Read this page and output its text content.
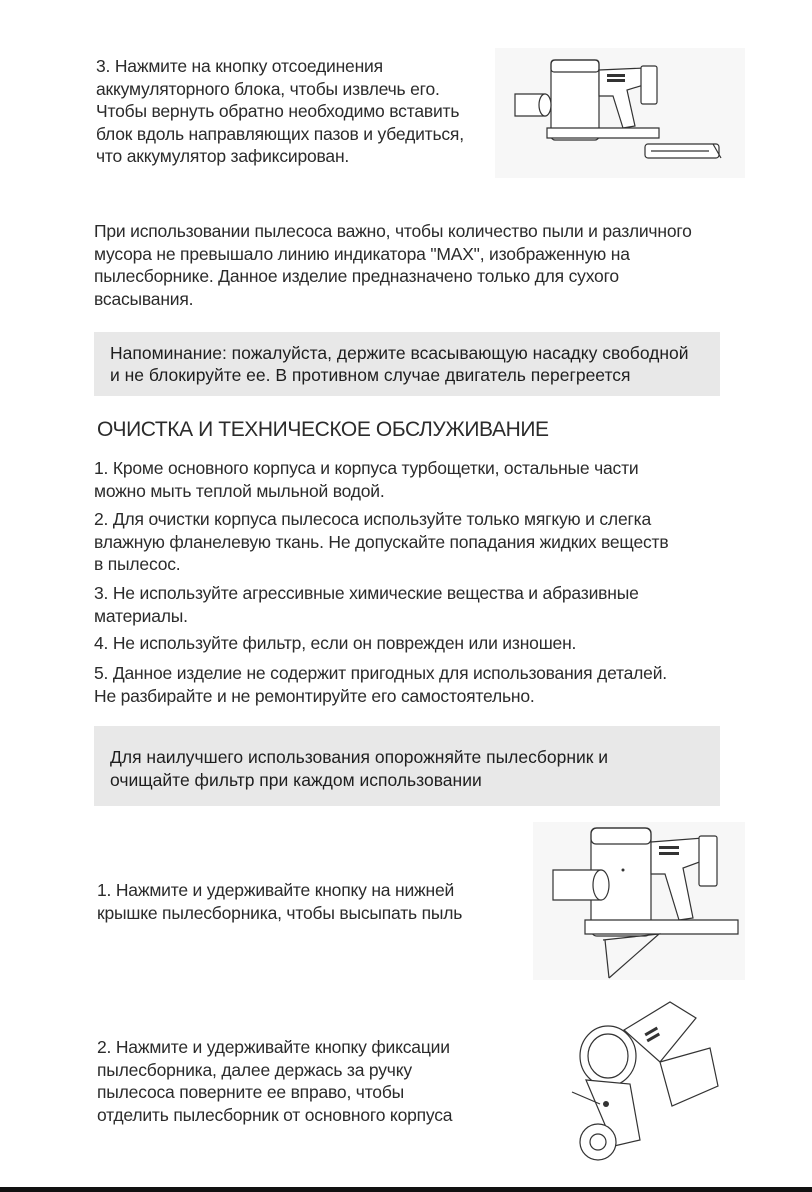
3. Нажмите на кнопку отсоединения
аккумуляторного блока, чтобы извлечь его.
Чтобы вернуть обратно необходимо вставить
блок вдоль направляющих пазов и убедиться,
что аккумулятор зафиксирован.
При использовании пылесоса важно, чтобы количество пыли и различного
мусора не превышало линию индикатора "MAX", изображенную на
пылесборнике. Данное изделие предназначено только для сухого
всасывания.

Напоминание: пожалуйста, держите всасывающую насадку свободной

и не блокируйте ее. В противном случае двигатель перегреется

ОЧИСТКА И ТЕХНИЧЕСКОЕ ОБСЛУЖИВАНИЕ
1. Кроме основного корпуса и корпуса турбощетки, остальные части
можно мыть теплой мыльной водой.
2. Для очистки корпуса пылесоса используйте только мягкую и слегка
влажную фланелевую ткань. Не допускайте попадания жидких веществ
в пылесос.
3. Не используйте агрессивные химические вещества и абразивные
материалы.
4. Не используйте фильтр, если он поврежден или изношен.
5. Данное изделие не содержит пригодных для использования деталей.
Не разбирайте и не ремонтируйте его самостоятельно.

Для наилучшего использования опорожняйте пылесборник и

очищайте фильтр при каждом использовании

1. Нажмите и удерживайте кнопку на нижней
крышке пылесборника, чтобы высыпать пыль
2. Нажмите и удерживайте кнопку фиксации
пылесборника, далее держась за ручку
пылесоса поверните ее вправо, чтобы
отделить пылесборник от основного корпуса
